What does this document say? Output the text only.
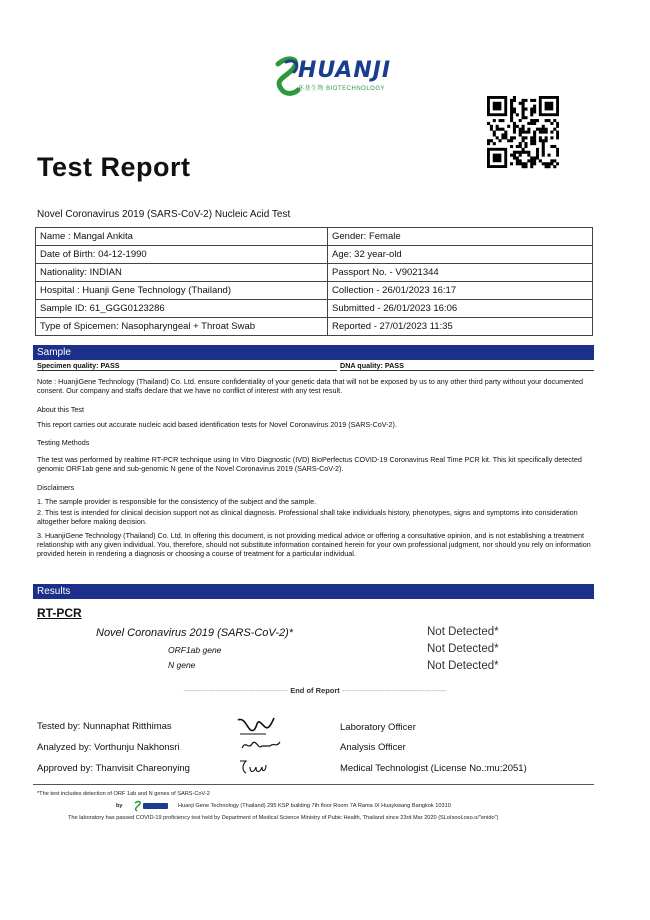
HUANJI
环基生物 BIOTECHNOLOGY
Test Report
Novel Coronavirus 2019 (SARS-CoV-2) Nucleic Acid Test
Name : Mangal Ankita	Gender: Female
Date of Birth: 04-12-1990	Age: 32 year-old
Nationality: INDIAN	Passport No. - V9021344
Hospital : Huanji Gene Technology (Thailand)	Collection - 26/01/2023 16:17
Sample ID: 61_GGG0123286	Submitted - 26/01/2023 16:06
Type of Spicemen: Nasopharyngeal + Throat Swab	Reported - 27/01/2023 11:35
Sample
Specimen quality: PASS	DNA quality: PASS
Note : HuanjiGene Technology (Thailand) Co. Ltd. ensure confidentiality of your genetic data that will not be exposed by us to any other third party without your documented consent. Our company and staffs declare that we have no conflict of interest with any test result.
About this Test
This report carries out accurate nucleic acid based identification tests for Novel Coronavirus 2019 (SARS-CoV-2).
Testing Methods
The test was performed by realtime RT-PCR technique using In Vitro Diagnostic (IVD) BioPerfectus COVID-19 Coronavirus Real Time PCR kit. This kit specifically detected genomic ORF1ab gene and sub-genomic N gene of the Novel Coronavirus 2019 (SARS-CoV-2).
Disclaimers
1. The sample provider is responsible for the consistency of the subject and the sample.
2. This test is intended for clinical decision support not as clinical diagnosis. Professional shall take individuals history, phenotypes, signs and symptoms into consideration altogether before making decision.
3. HuanjiGene Technology (Thailand) Co. Ltd. In offering this document, is not providing medical advice or offering a consultative opinion, and is not establishing a treatment relationship with any given individual. You, therefore, should not substitute information contained herein for your own professional judgment, nor should you rely on information provided herein in rendering a diagnosis or choosing a course of treatment for a particular individual.
Results
RT-PCR
Novel Coronavirus 2019 (SARS-CoV-2)*	Not Detected*
ORF1ab gene	Not Detected*
N gene	Not Detected*
------------------------------------------ End of Report ------------------------------------------
Tested by: Nunnaphat Ritthimas	Laboratory Officer
Analyzed by: Vorthunju Nakhonsri	Analysis Officer
Approved by: Thanvisit Chareonying	Medical Technologist (License No.:mu:2051)
*The test includes detection of ORF 1ab and N genes of SARS-CoV-2
by	Huanji Gene Technology (Thailand) 295 KSP building 7th floor Room 7A Rama IX Huaykwang Bangkok 10310
The laboratory has passed COVID-19 proficiency test held by Department of Medical Science Ministry of Pubic Health, Thailand since 23rd Mar 2020 (SLoIsooLoso.o/"enido")
